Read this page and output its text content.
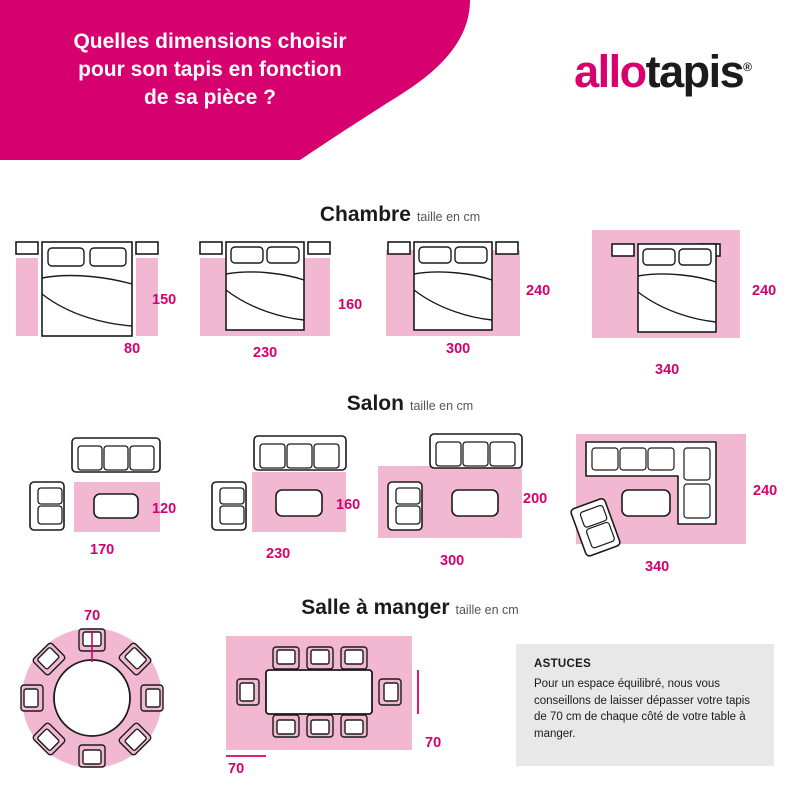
Quelles dimensions choisir
pour son tapis en fonction
de sa pièce ?
allotapis®
Chambre taille en cm
150
80
160
230
240
300
240
340
Salon taille en cm
120
170
160
230
200
300
240
340
Salle à manger taille en cm
70
70
70
ASTUCES
Pour un espace équilibré, nous vous conseillons de laisser dépasser votre tapis de 70 cm de chaque côté de votre table à manger.
